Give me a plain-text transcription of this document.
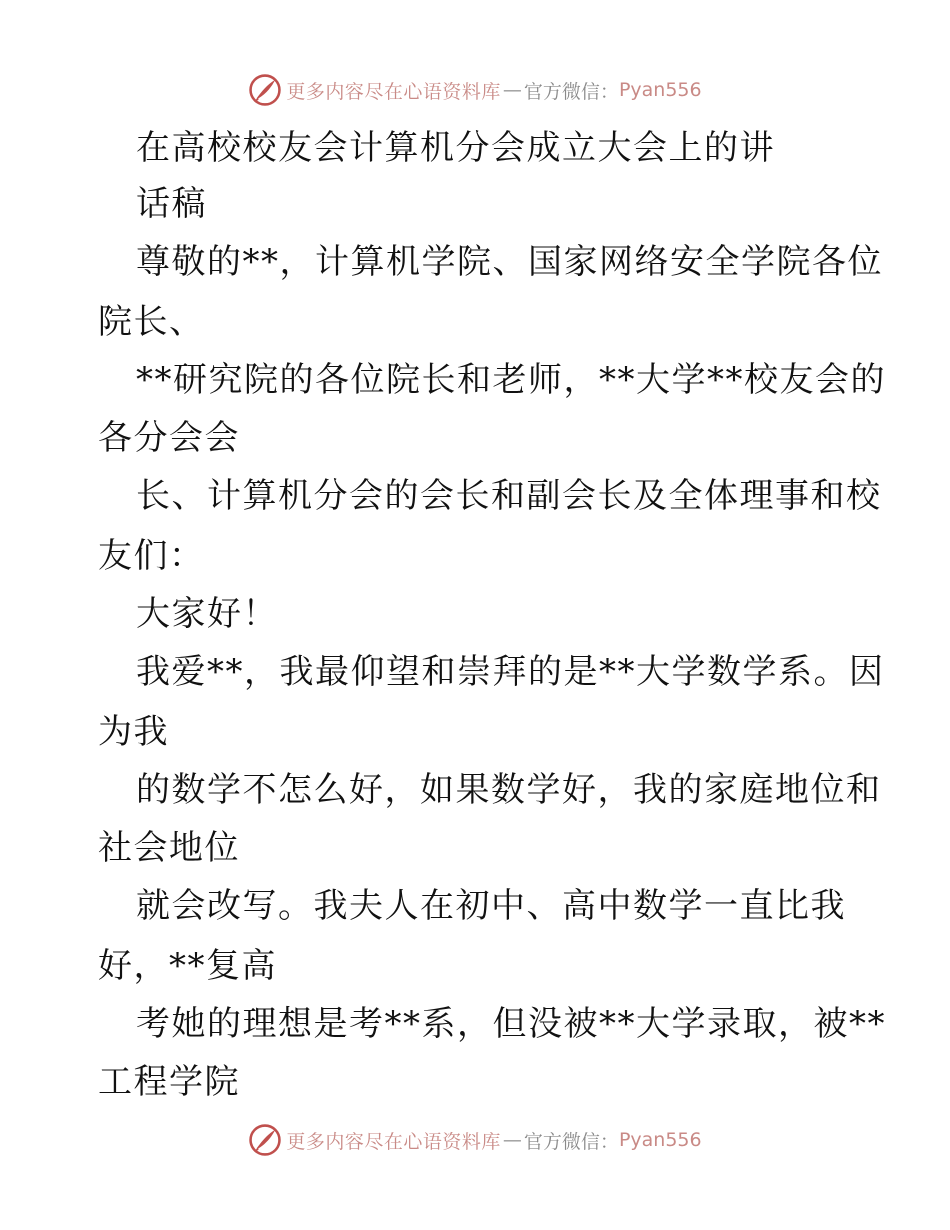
更多内容尽在心语资料库 — 官方微信： Pyan556
在高校校友会计算机分会成立大会上的讲
话稿
尊敬的**，计算机学院、国家网络安全学院各位
院长、
**研究院的各位院长和老师，**大学**校友会的
各分会会
长、计算机分会的会长和副会长及全体理事和校
友们：
大家好！
我爱**，我最仰望和崇拜的是**大学数学系。因
为我
的数学不怎么好，如果数学好，我的家庭地位和
社会地位
就会改写。我夫人在初中、高中数学一直比我
好，**复高
考她的理想是考**系，但没被**大学录取，被**
工程学院
更多内容尽在心语资料库 — 官方微信： Pyan556
